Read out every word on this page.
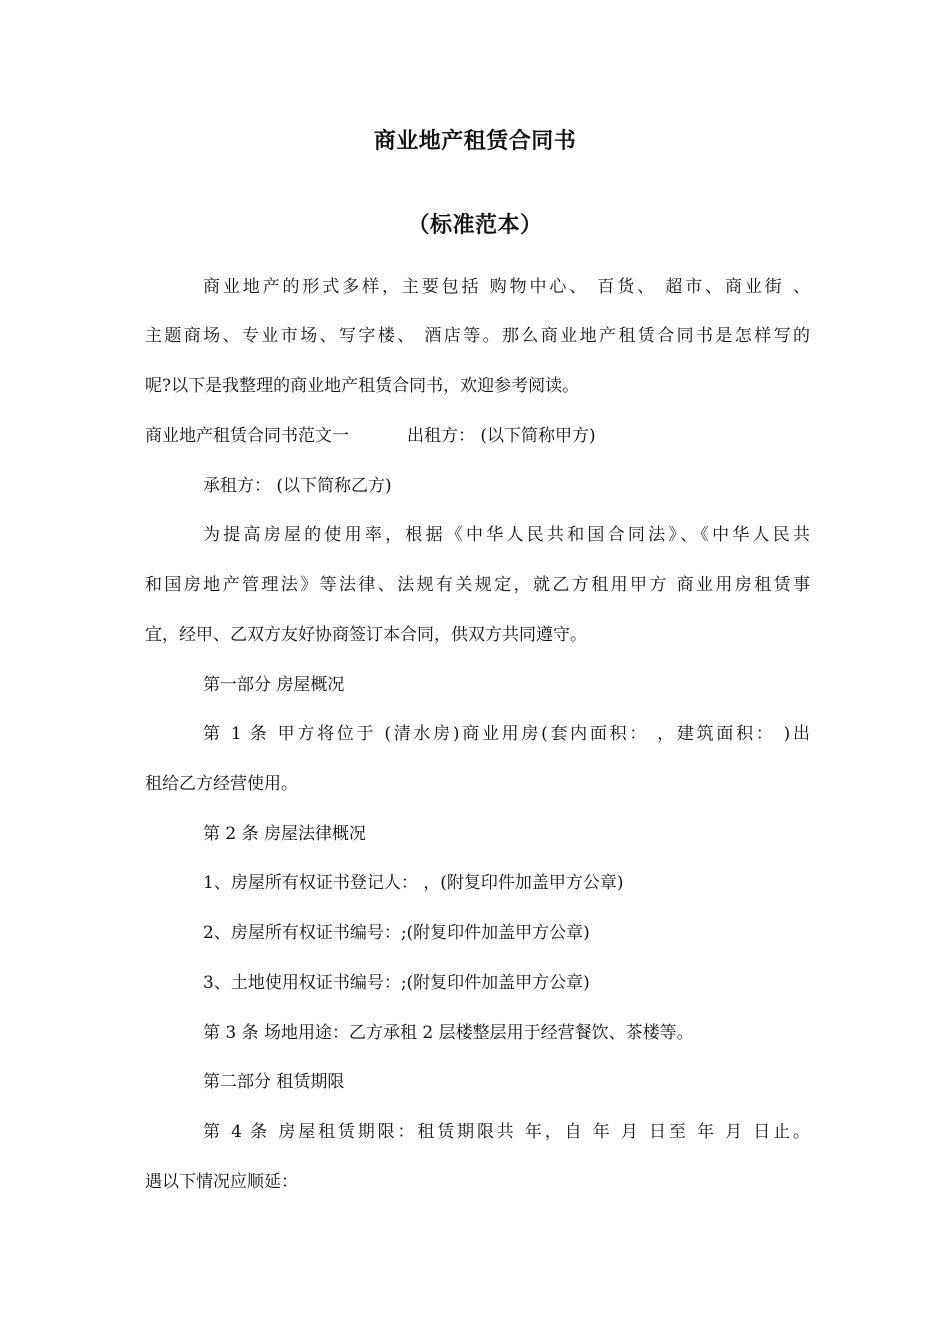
商业地产租赁合同书
（标准范本）

商业地产的形式多样，主要包括 购物中心、 百货、 超市、商业街 、

主题商场、专业市场、写字楼、 酒店等。那么商业地产租赁合同书是怎样写的

呢?以下是我整理的商业地产租赁合同书，欢迎参考阅读。

商业地产租赁合同书范文一	出租方： (以下简称甲方)

承租方： (以下简称乙方)

为提高房屋的使用率，根据《中华人民共和国合同法》、《中华人民共

和国房地产管理法》等法律、法规有关规定，就乙方租用甲方 商业用房租赁事

宜，经甲、乙双方友好协商签订本合同，供双方共同遵守。

第一部分 房屋概况

第 1 条 甲方将位于 (清水房)商业用房(套内面积： ，建筑面积： )出

租给乙方经营使用。

第 2 条 房屋法律概况

1、房屋所有权证书登记人： ，(附复印件加盖甲方公章)

2、房屋所有权证书编号：;(附复印件加盖甲方公章)

3、土地使用权证书编号：;(附复印件加盖甲方公章)

第 3 条 场地用途：乙方承租 2 层楼整层用于经营餐饮、茶楼等。

第二部分 租赁期限

第 4 条 房屋租赁期限：租赁期限共 年，自 年 月 日至 年 月 日止。

遇以下情况应顺延：
